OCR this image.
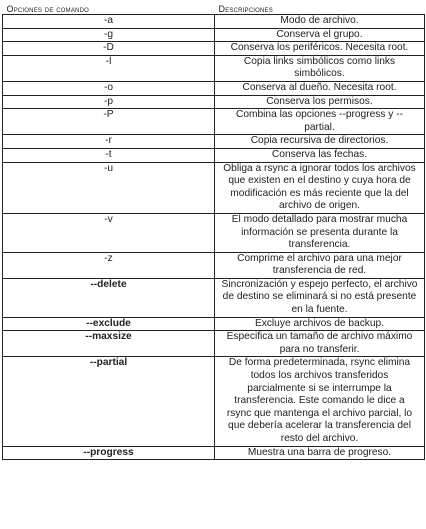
Opciones de comando	Descripciones
-a	Modo de archivo.
-g	Conserva el grupo.
-D	Conserva los periféricos. Necesita root.
-l	Copia links simbólicos como links simbólicos.
-o	Conserva al dueño. Necesita root.
-p	Conserva los permisos.
-P	Combina las opciones --progress y --partial.
-r	Copia recursiva de directorios.
-t	Conserva las fechas.
-u	Obliga a rsync a ignorar todos los archivos que existen en el destino y cuya hora de modificación es más reciente que la del archivo de origen.
-v	El modo detallado para mostrar mucha información se presenta durante la transferencia.
-z	Comprime el archivo para una mejor transferencia de red.
--delete	Sincronización y espejo perfecto, el archivo de destino se eliminará si no está presente en la fuente.
--exclude	Excluye archivos de backup.
--maxsize	Especifica un tamaño de archivo máximo para no transferir.
--partial	De forma predeterminada, rsync elimina todos los archivos transferidos parcialmente si se interrumpe la transferencia. Este comando le dice a rsync que mantenga el archivo parcial, lo que debería acelerar la transferencia del resto del archivo.
--progress	Muestra una barra de progreso.
